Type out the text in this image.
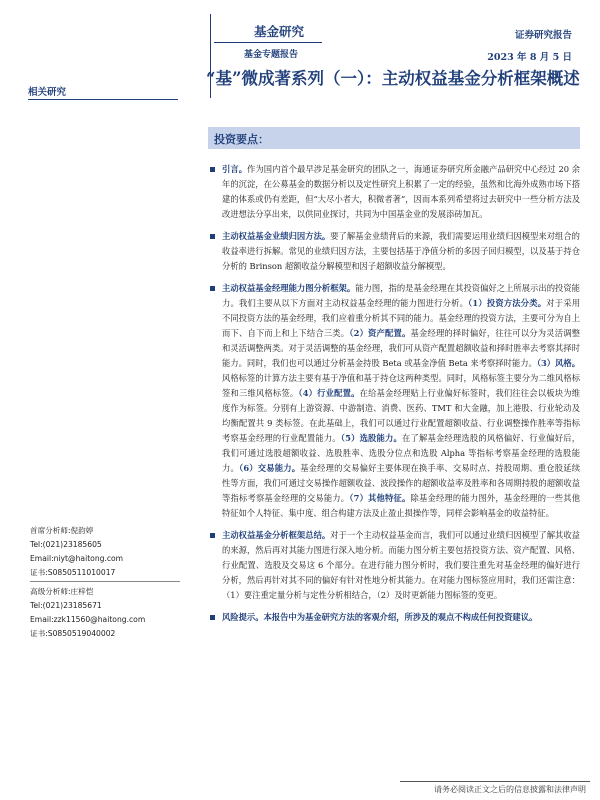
基金研究
基金专题报告
证券研究报告
2023 年 8 月 5 日
相关研究
“基”微成著系列（一）：主动权益基金分析框架概述
投资要点：
引言。作为国内首个最早涉足基金研究的团队之一，海通证券研究所金融产品研究中心经过 20 余年的沉淀，在公募基金的数据分析以及定性研究上积累了一定的经验，虽然和比海外成熟市场下搭建的体系或仍有差距，但“大尽小者大，积微者著”，因而本系列希望将过去研究中一些分析方法及改进想法分享出来，以供同业探讨，共同为中国基金业的发展添砖加瓦。
主动权益基金业绩归因方法。要了解基金业绩背后的来源，我们需要运用业绩归因模型来对组合的收益率进行拆解。常见的业绩归因方法，主要包括基于净值分析的多因子回归模型，以及基于持仓分析的 Brinson 超额收益分解模型和因子超额收益分解模型。
主动权益基金经理能力图分析框架。能力图，指的是基金经理在其投资偏好之上所展示出的投资能力。我们主要从以下方面对主动权益基金经理的能力图进行分析。（1）投资方法分类。对于采用不同投资方法的基金经理，我们应着重分析其不同的能力。基金经理的投资方法，主要可分为自上而下、自下而上和上下结合三类。（2）资产配置。基金经理的择时偏好，往往可以分为灵活调整和灵活调整两类。对于灵活调整的基金经理，我们可从资产配置超额收益和择时胜率去考察其择时能力。同时，我们也可以通过分析基金持股 Beta 或基金净值 Beta 来考察择时能力。（3）风格。风格标签的计算方法主要有基于净值和基于持仓这两种类型。同时，风格标签主要分为二维风格标签和三维风格标签。（4）行业配置。在给基金经理贴上行业偏好标签时，我们往往会以板块为维度作为标签。分别有上游资源、中游制造、消费、医药、TMT 和大金融，加上港股、行业轮动及均衡配置共 9 类标签。在此基础上，我们可以通过行业配置超额收益、行业调整操作胜率等指标考察基金经理的行业配置能力。（5）选股能力。在了解基金经理选股的风格偏好、行业偏好后，我们可通过选股超额收益、选股胜率、选股分位点和选股 Alpha 等指标考察基金经理的选股能力。（6）交易能力。基金经理的交易偏好主要体现在换手率、交易时点、持股周期、重仓股延续性等方面，我们可通过交易操作超额收益、波段操作的超额收益率及胜率和各周期持股的超额收益等指标考察基金经理的交易能力。（7）其他特征。除基金经理的能力图外，基金经理的一些其他特征如个人特征、集中度、组合构建方法及止盈止损操作等，同样会影响基金的收益特征。
主动权益基金分析框架总结。对于一个主动权益基金而言，我们可以通过业绩归因模型了解其收益的来源，然后再对其能力图进行深入地分析。而能力图分析主要包括投资方法、资产配置、风格、行业配置、选股及交易这 6 个部分。在进行能力图分析时，我们要注重先对基金经理的偏好进行分析，然后再针对其不同的偏好有针对性地分析其能力。在对能力图标签应用时，我们还需注意：（1）要注重定量分析与定性分析相结合，（2）及时更新能力图标签的变更。
风险提示。本报告中为基金研究方法的客观介绍，所涉及的观点不构成任何投资建议。
首席分析师:倪韵婷
Tel:(021)23185605
Email:niyt@haitong.com
证书:S0850511010017
高级分析师:庄梓恺
Tel:(021)23185671
Email:zzk11560@haitong.com
证书:S0850519040002
请务必阅读正文之后的信息披露和法律声明
